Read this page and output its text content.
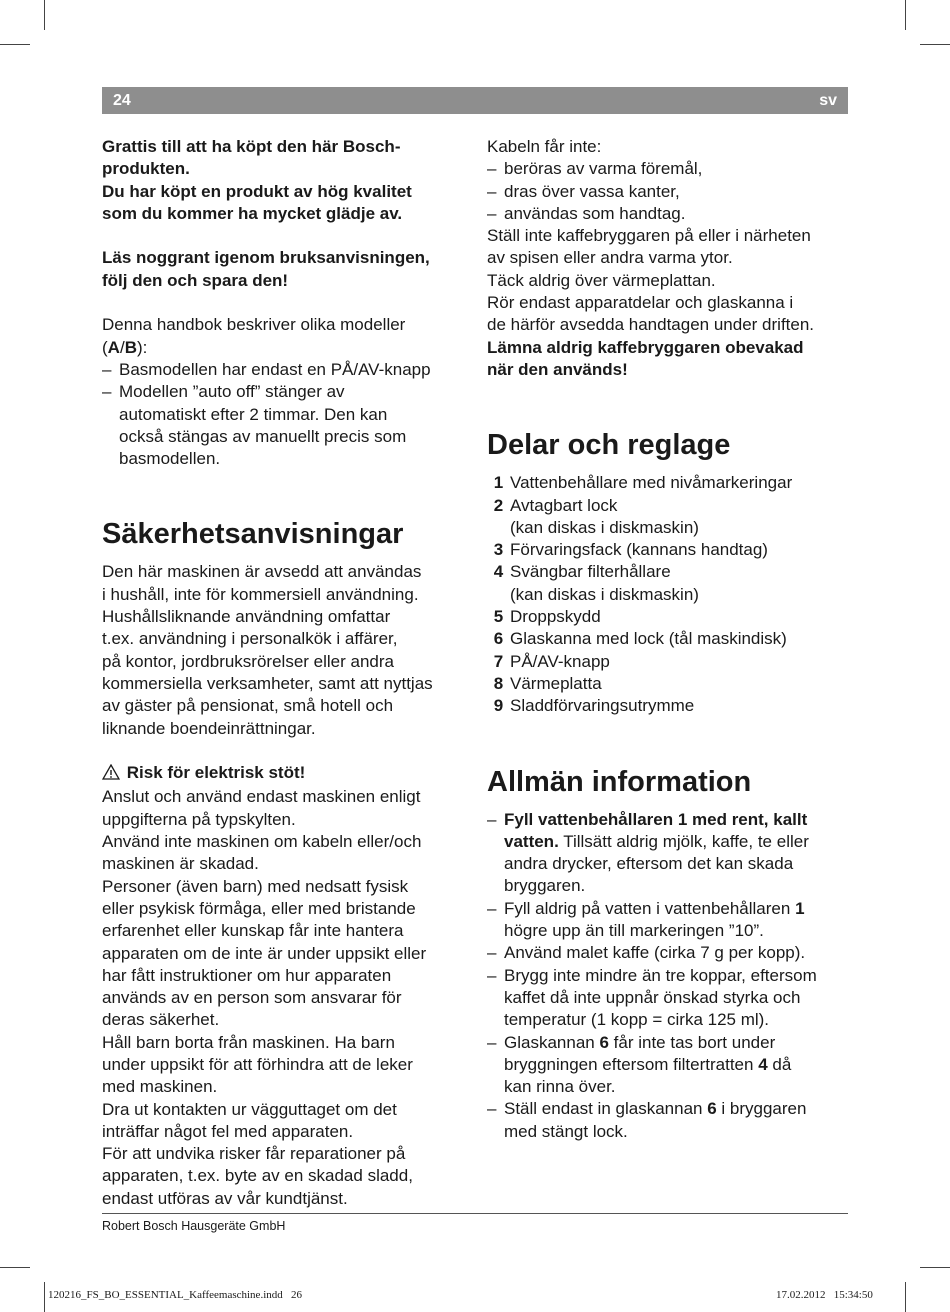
24	sv

Grattis till att ha köpt den här Bosch-

produkten.

Du har köpt en produkt av hög kvalitet

som du kommer ha mycket glädje av.

Läs noggrant igenom bruksanvisningen,

följ den och spara den!

Denna handbok beskriver olika modeller

(A/B):

– Basmodellen har endast en PÅ/AV-knapp
– Modellen ”auto off” stänger av
automatiskt efter 2 timmar. Den kan
också stängas av manuellt precis som
basmodellen.
Säkerhetsanvisningar

Den här maskinen är avsedd att användas

i hushåll, inte för kommersiell användning.

Hushållsliknande användning omfattar

t.ex. användning i personalkök i affärer,

på kontor, jordbruksrörelser eller andra

kommersiella verksamheter, samt att nyttjas

av gäster på pensionat, små hotell och

liknande boendeinrättningar.

Risk för elektrisk stöt!

Anslut och använd endast maskinen enligt

uppgifterna på typskylten.

Använd inte maskinen om kabeln eller/och

maskinen är skadad.

Personer (även barn) med nedsatt fysisk

eller psykisk förmåga, eller med bristande

erfarenhet eller kunskap får inte hantera

apparaten om de inte är under uppsikt eller

har fått instruktioner om hur apparaten

används av en person som ansvarar för

deras säkerhet.

Håll barn borta från maskinen. Ha barn

under uppsikt för att förhindra att de leker

med maskinen.

Dra ut kontakten ur vägguttaget om det

inträffar något fel med apparaten.

För att undvika risker får reparationer på

apparaten, t.ex. byte av en skadad sladd,

endast utföras av vår kundtjänst.

Kabeln får inte:

– beröras av varma föremål,
– dras över vassa kanter,
– användas som handtag.

Ställ inte kaffebryggaren på eller i närheten

av spisen eller andra varma ytor.

Täck aldrig över värmeplattan.

Rör endast apparatdelar och glaskanna i

de härför avsedda handtagen under driften.

Lämna aldrig kaffebryggaren obevakad

när den används!

Delar och reglage
1 Vattenbehållare med nivåmarkeringar
2 Avtagbart lock
(kan diskas i diskmaskin)
3 Förvaringsfack (kannans handtag)
4 Svängbar filterhållare
(kan diskas i diskmaskin)
5 Droppskydd
6 Glaskanna med lock (tål maskindisk)
7 PÅ/AV-knapp
8 Värmeplatta
9 Sladdförvaringsutrymme
Allmän information
– Fyll vattenbehållaren 1 med rent, kallt
vatten. Tillsätt aldrig mjölk, kaffe, te eller
andra drycker, eftersom det kan skada
bryggaren.
– Fyll aldrig på vatten i vattenbehållaren 1
högre upp än till markeringen ”10”.
– Använd malet kaffe (cirka 7 g per kopp).
– Brygg inte mindre än tre koppar, eftersom
kaffet då inte uppnår önskad styrka och
temperatur (1 kopp = cirka 125 ml).
– Glaskannan 6 får inte tas bort under
bryggningen eftersom filtertratten 4 då
kan rinna över.
– Ställ endast in glaskannan 6 i bryggaren
med stängt lock.
Robert Bosch Hausgeräte GmbH
120216_FS_BO_ESSENTIAL_Kaffeemaschine.indd   26	17.02.2012   15:34:50
